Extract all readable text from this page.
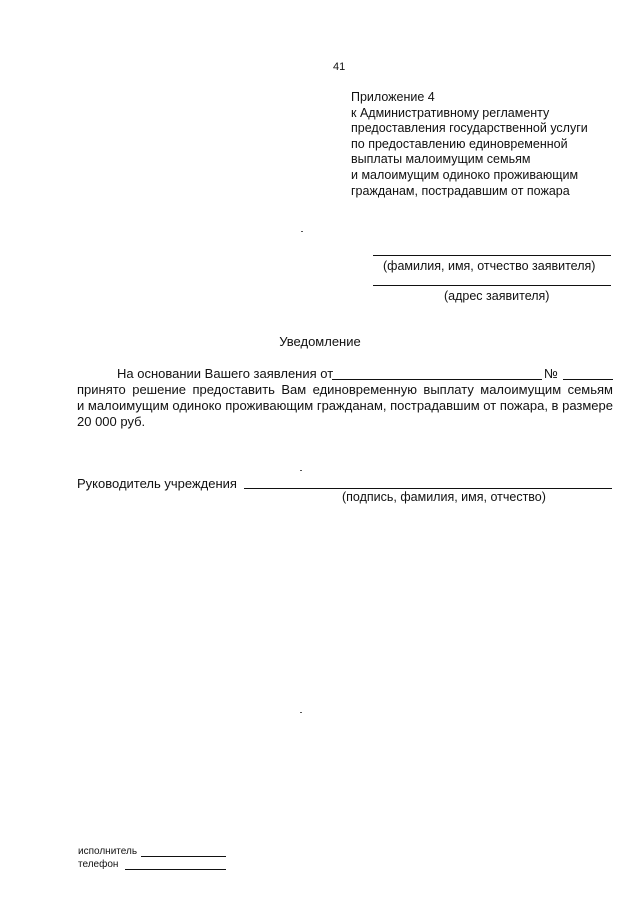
41
Приложение 4
к Административному регламенту
предоставления государственной услуги
по предоставлению единовременной
выплаты малоимущим семьям
и малоимущим одиноко проживающим
гражданам, пострадавшим от пожара
(фамилия, имя, отчество заявителя)
(адрес заявителя)
Уведомление
На основании Вашего заявления от	№
принято решение предоставить Вам единовременную выплату малоимущим семьям
и малоимущим одиноко проживающим гражданам, пострадавшим от пожара, в размере
20 000 руб.
Руководитель учреждения
(подпись, фамилия, имя, отчество)
исполнитель
телефон
